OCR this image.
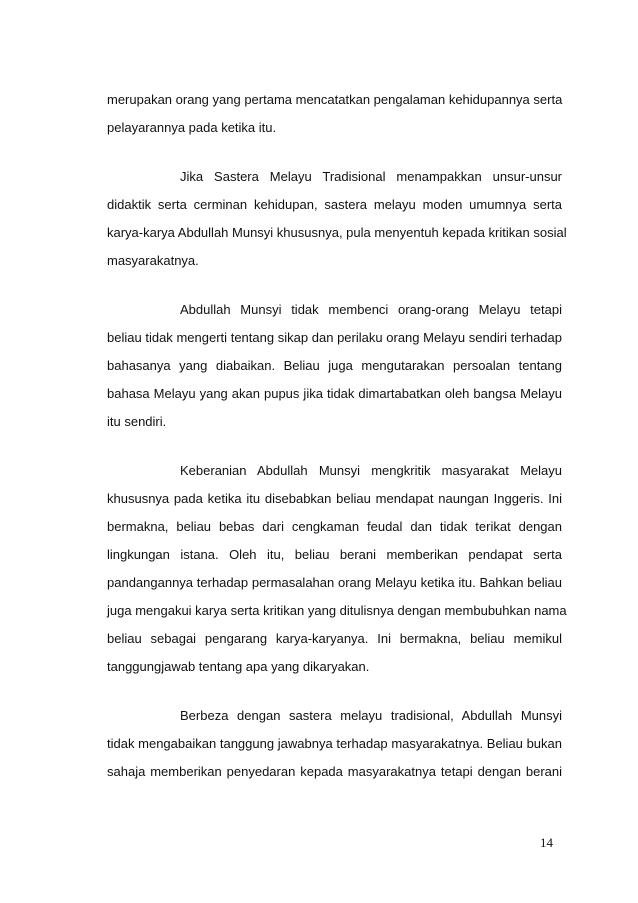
merupakan orang yang pertama mencatatkan pengalaman kehidupannya serta
pelayarannya pada ketika itu.
Jika Sastera Melayu Tradisional menampakkan unsur-unsur
didaktik serta cerminan kehidupan, sastera melayu moden umumnya serta
karya-karya Abdullah Munsyi khususnya, pula menyentuh kepada kritikan sosial
masyarakatnya.
Abdullah Munsyi tidak membenci orang-orang Melayu tetapi
beliau tidak mengerti tentang sikap dan perilaku orang Melayu sendiri terhadap
bahasanya yang diabaikan. Beliau juga mengutarakan persoalan tentang
bahasa Melayu yang akan pupus jika tidak dimartabatkan oleh bangsa Melayu
itu sendiri.
Keberanian Abdullah Munsyi mengkritik masyarakat Melayu
khususnya pada ketika itu disebabkan beliau mendapat naungan Inggeris. Ini
bermakna, beliau bebas dari cengkaman feudal dan tidak terikat dengan
lingkungan istana. Oleh itu, beliau berani memberikan pendapat serta
pandangannya terhadap permasalahan orang Melayu ketika itu. Bahkan beliau
juga mengakui karya serta kritikan yang ditulisnya dengan membubuhkan nama
beliau sebagai pengarang karya-karyanya. Ini bermakna, beliau memikul
tanggungjawab tentang apa yang dikaryakan.
Berbeza dengan sastera melayu tradisional, Abdullah Munsyi
tidak mengabaikan tanggung jawabnya terhadap masyarakatnya. Beliau bukan
sahaja memberikan penyedaran kepada masyarakatnya tetapi dengan berani
14
